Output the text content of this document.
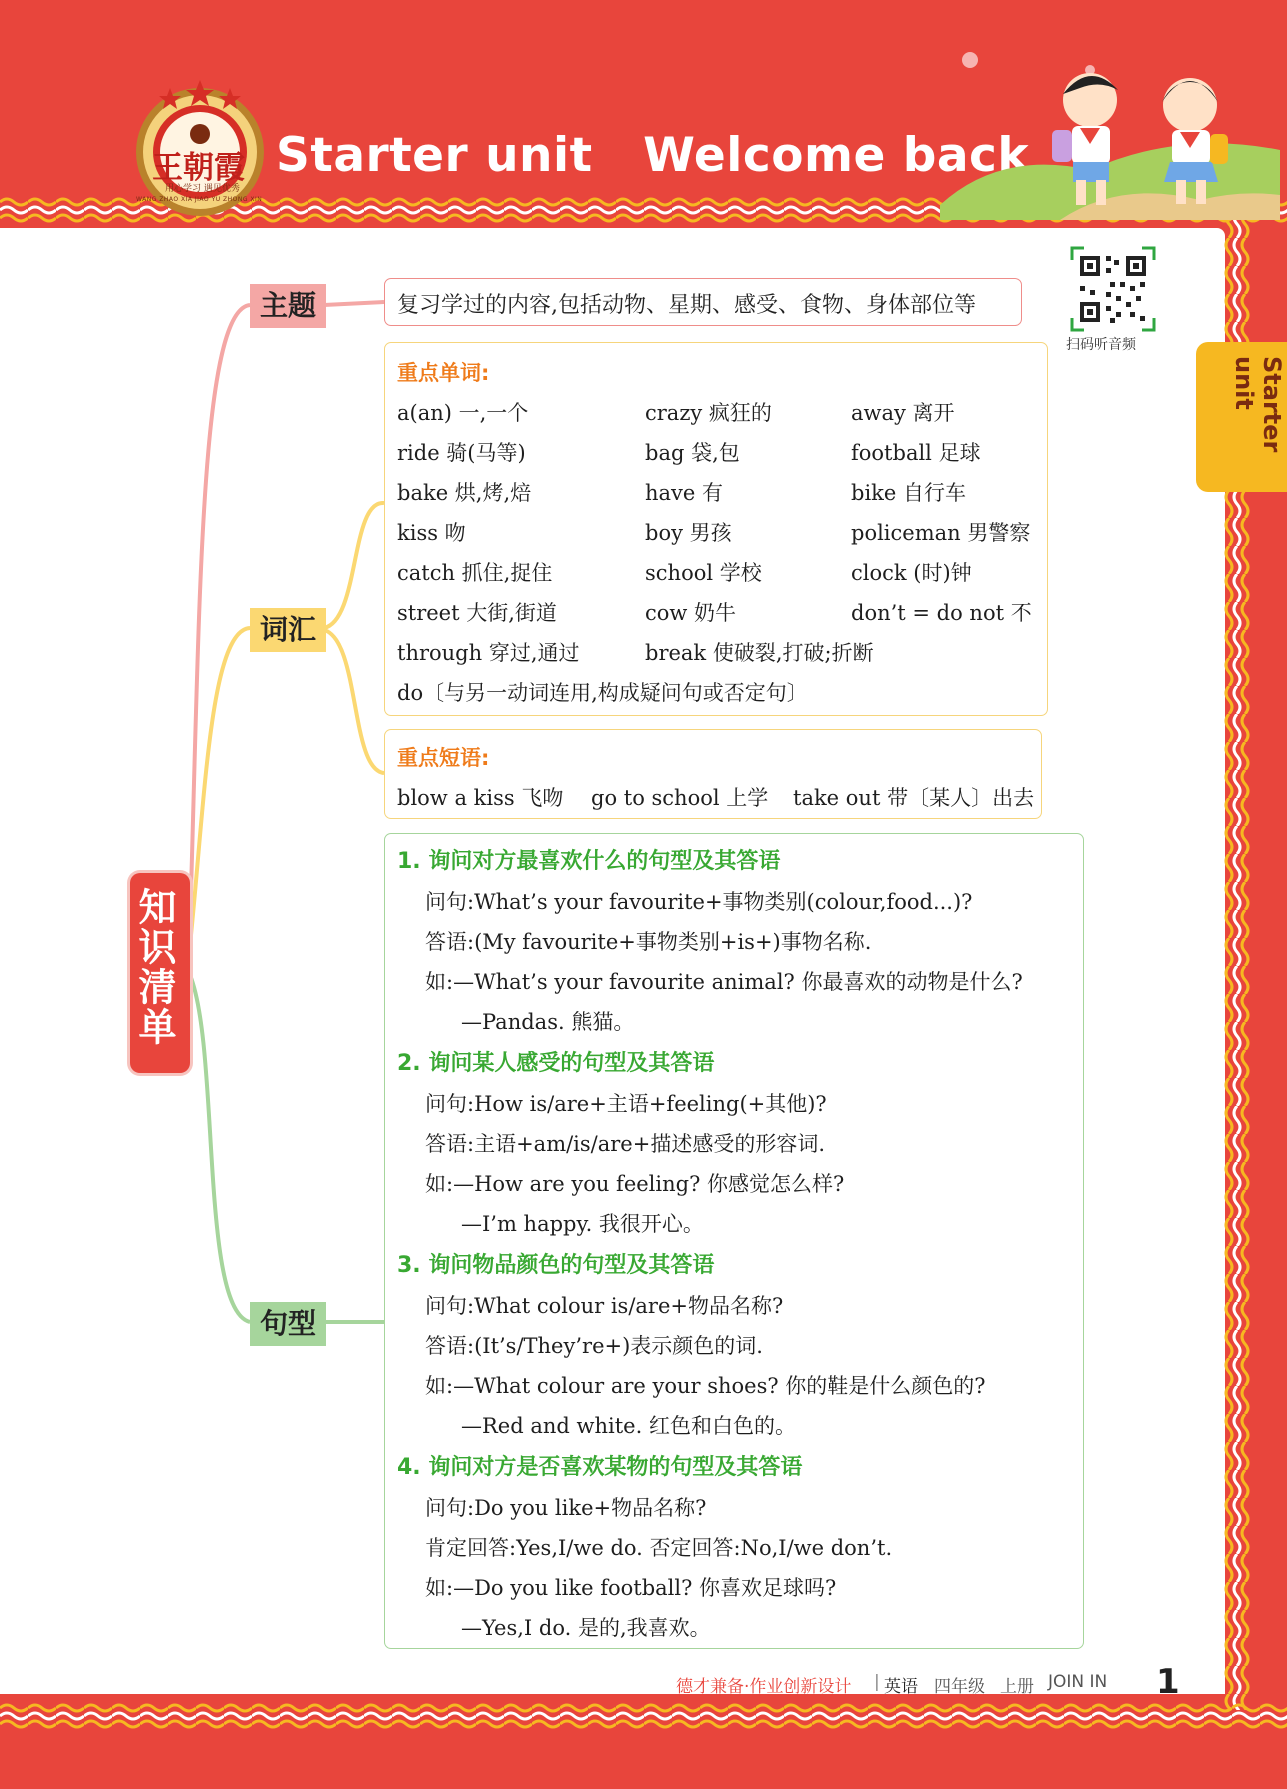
王朝霞
用心学习 遇见优秀
WANG ZHAO XIA JIAO YU ZHONG XIN
Starter unit   Welcome back
扫码听音频
Starter unit
知识清单
主题
词汇
句型
复习学过的内容,包括动物、星期、感受、食物、身体部位等
重点单词:
a(an) 一,一个	crazy 疯狂的	away 离开
ride 骑(马等)	bag 袋,包	football 足球
bake 烘,烤,焙	have 有	bike 自行车
kiss 吻	boy 男孩	policeman 男警察
catch 抓住,捉住	school 学校	clock (时)钟
street 大街,街道	cow 奶牛	don’t = do not 不
through 穿过,通过	break 使破裂,打破;折断
do〔与另一动词连用,构成疑问句或否定句〕
重点短语:
blow a kiss 飞吻 go to school 上学 take out 带〔某人〕出去
1. 询问对方最喜欢什么的句型及其答语
问句:What’s your favourite+事物类别(colour,food...)?
答语:(My favourite+事物类别+is+)事物名称.
如:—What’s your favourite animal? 你最喜欢的动物是什么?
—Pandas. 熊猫。
2. 询问某人感受的句型及其答语
问句:How is/are+主语+feeling(+其他)?
答语:主语+am/is/are+描述感受的形容词.
如:—How are you feeling? 你感觉怎么样?
—I’m happy. 我很开心。
3. 询问物品颜色的句型及其答语
问句:What colour is/are+物品名称?
答语:(It’s/They’re+)表示颜色的词.
如:—What colour are your shoes? 你的鞋是什么颜色的?
—Red and white. 红色和白色的。
4. 询问对方是否喜欢某物的句型及其答语
问句:Do you like+物品名称?
肯定回答:Yes,I/we do. 否定回答:No,I/we don’t.
如:—Do you like football? 你喜欢足球吗?
—Yes,I do. 是的,我喜欢。
德才兼备·作业创新设计 | 英语 四年级 上册 JOIN IN 1
